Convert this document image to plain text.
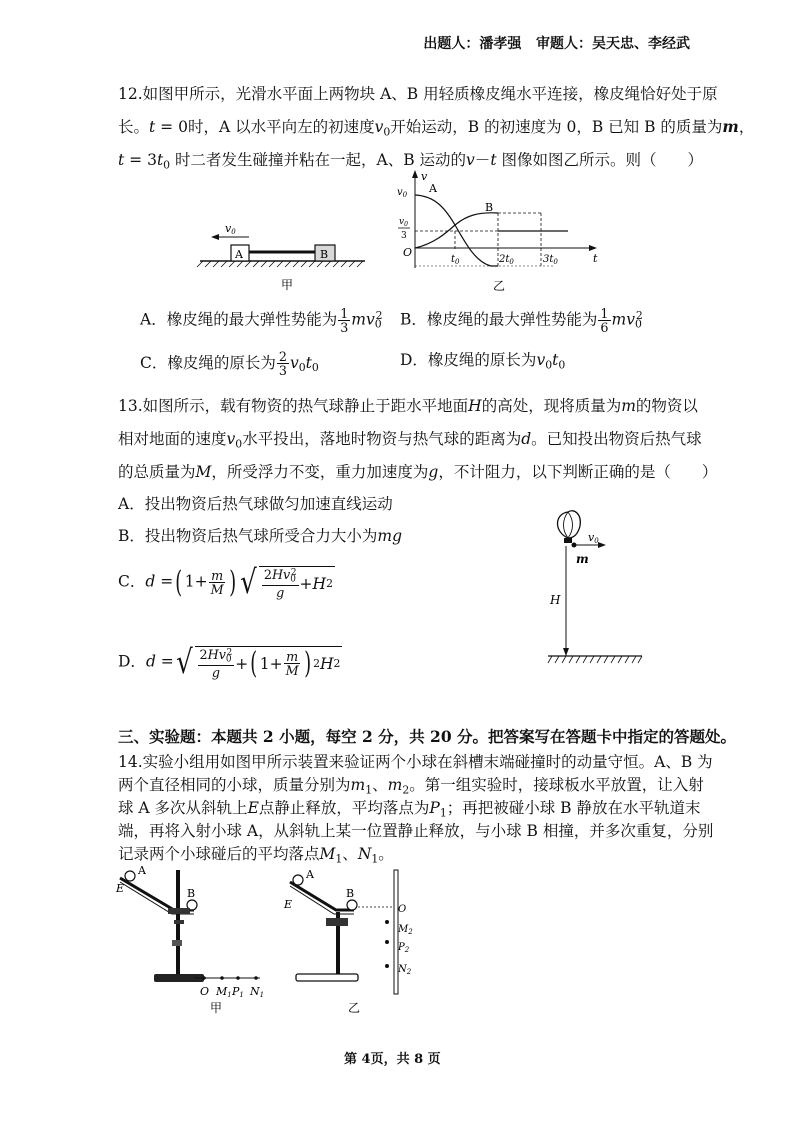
出题人：潘孝强 审题人：吴天忠、李经武
12.如图甲所示，光滑水平面上两物块 A、B 用轻质橡皮绳水平连接，橡皮绳恰好处于原
长。t = 0时，A 以水平向左的初速度$v_0$开始运动，B 的初速度为 0，B 已知 B 的质量为m，
$t = 3t_0$ 时二者发生碰撞并粘在一起，A、B 运动的v－t 图像如图乙所示。则（　　）
A	B
v0
甲
v
t
O
$v_0$
$v_0$
3
A
B
$t_0$	$2t_0$	$3t_0$
乙
A．橡皮绳的最大弹性势能为 $\frac{1}{3} mv_0^2$ B．橡皮绳的最大弹性势能为 $\frac{1}{6} mv_0^2$
C．橡皮绳的原长为 $\frac{2}{3} v_0t_0$	D．橡皮绳的原长为$v_0t_0$
13.如图所示，载有物资的热气球静止于距水平地面H的高处，现将质量为m的物资以
相对地面的速度$v_0$水平投出，落地时物资与热气球的距离为d。已知投出物资后热气球
的总质量为M，所受浮力不变，重力加速度为g，不计阻力，以下判断正确的是（　　）
A．投出物资后热气球做匀加速直线运动
B．投出物资后热气球所受合力大小为mg
C．d =( $1+ \frac{m}{M}$ ) √ $\frac{2Hv_0^2}{g} + H$ 2
D．d = √ $\frac{2Hv_0^2}{g}$ + ( $1+ \frac{m}{M}$ ) 2 H 2
v0
m
H
三、实验题：本题共 2 小题，每空 2 分，共 20 分。把答案写在答题卡中指定的答题处。
14.实验小组用如图甲所示装置来验证两个小球在斜槽末端碰撞时的动量守恒。A、B 为
两个直径相同的小球，质量分别为$m_1$、$m_2$。第一组实验时，接球板水平放置，让入射
球 A 多次从斜轨上E点静止释放，平均落点为$P_1$；再把被碰小球 B 静放在水平轨道末
端，再将入射小球 A，从斜轨上某一位置静止释放，与小球 B 相撞，并多次重复，分别
记录两个小球碰后的平均落点$M_1$、$N_1$。
A
E	B
O M1 P1 N1
甲
A
E
B
O
$M_2$
$P_2$
$N_2$
乙
第 4页，共 8 页
